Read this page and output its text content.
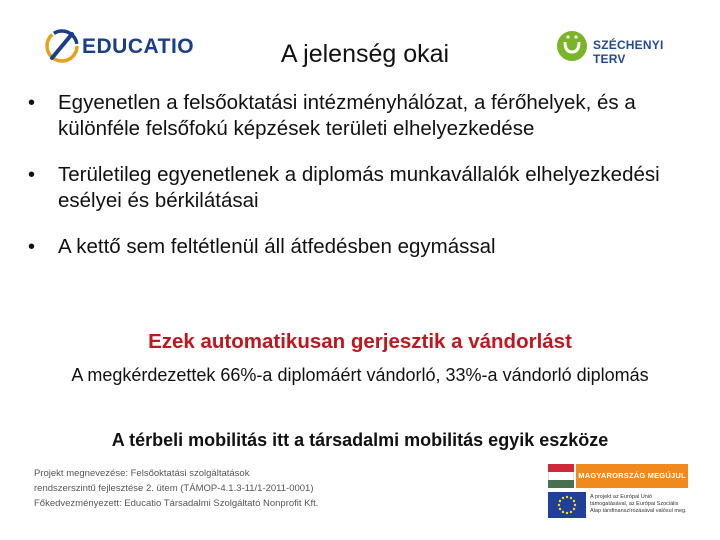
EDUCATIO	A jelenség okai	SZÉCHENYI TERV
• Egyenetlen a felsőoktatási intézményhálózat, a férőhelyek, és a különféle felsőfokú képzések területi elhelyezkedése
• Területileg egyenetlenek a diplomás munkavállalók elhelyezkedési esélyei és bérkilátásai
• A kettő sem feltétlenül áll átfedésben egymással
Ezek automatikusan gerjesztik a vándorlást
A megkérdezettek 66%-a diplomáért vándorló, 33%-a vándorló diplomás
A térbeli mobilitás itt a társadalmi mobilitás egyik eszköze
Projekt megnevezése: Felsőoktatási szolgáltatások
rendszerszintű fejlesztése 2. ütem (TÁMOP-4.1.3-11/1-2011-0001)
Főkedvezményezett: Educatio Társadalmi Szolgáltató Nonprofit Kft.
MAGYARORSZÁG MEGÚJUL
A projekt az Európai Unió támogatásával, az Európai Szociális Alap társfinanszírozásával valósul meg.
